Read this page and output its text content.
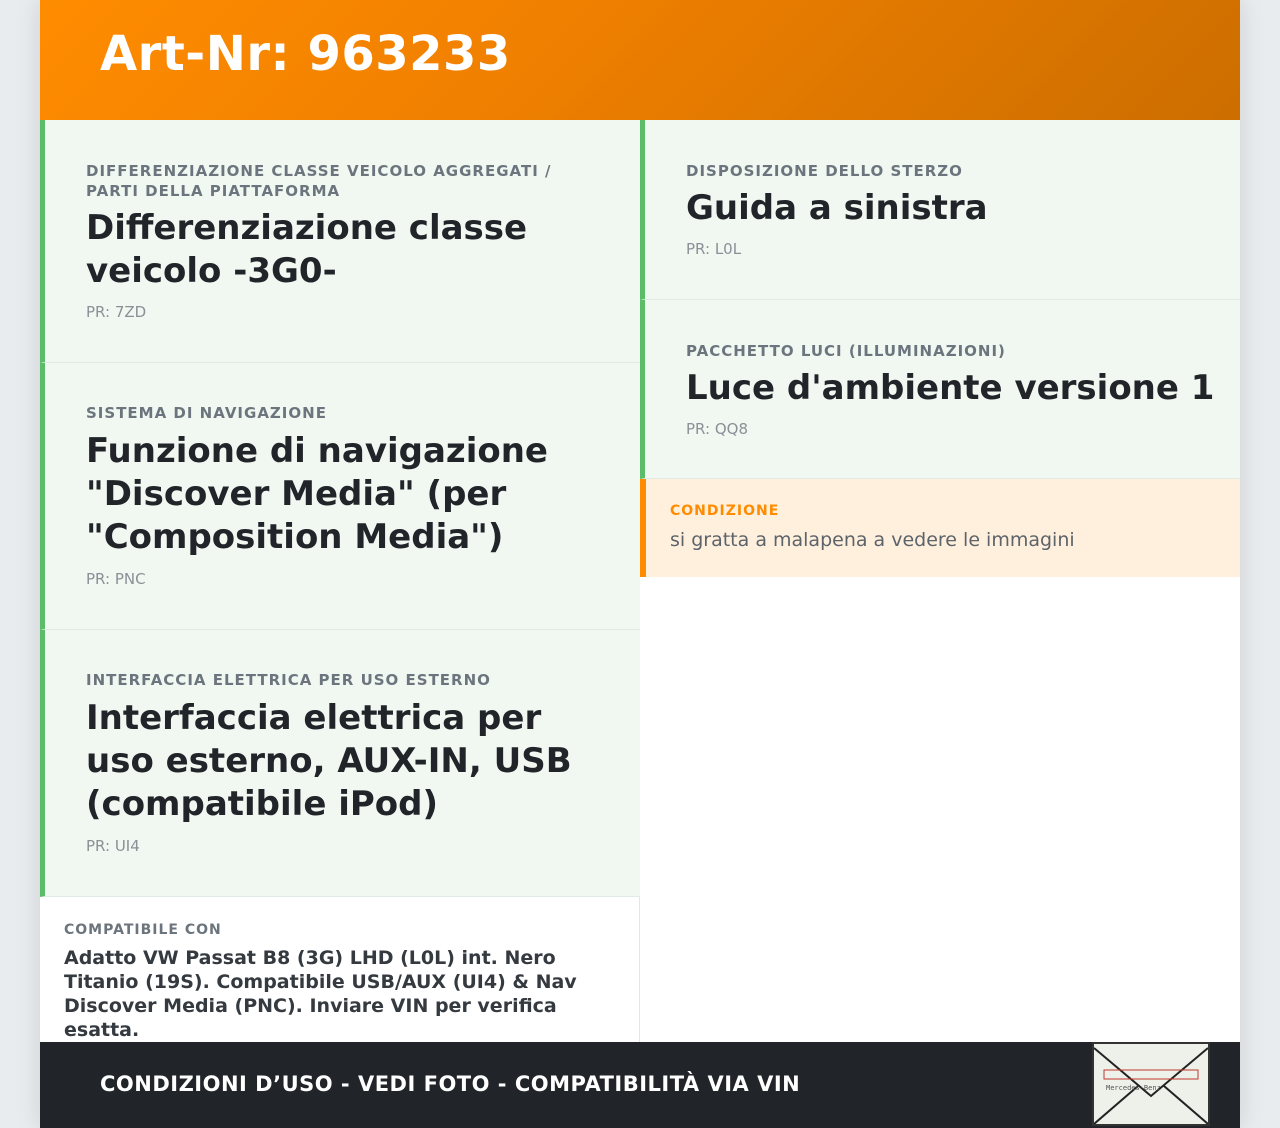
Art-Nr: 963233
DIFFERENZIAZIONE CLASSE VEICOLO AGGREGATI / PARTI DELLA PIATTAFORMA
Differenziazione classe veicolo -3G0-
PR: 7ZD
SISTEMA DI NAVIGAZIONE
Funzione di navigazione "Discover Media" (per "Composition Media")
PR: PNC
INTERFACCIA ELETTRICA PER USO ESTERNO
Interfaccia elettrica per uso esterno, AUX-IN, USB (compatibile iPod)
PR: UI4
COMPATIBILE CON
Adatto VW Passat B8 (3G) LHD (L0L) int. Nero Titanio (19S). Compatibile USB/AUX (UI4) & Nav Discover Media (PNC). Inviare VIN per verifica esatta.
DISPOSIZIONE DELLO STERZO
Guida a sinistra
PR: L0L
PACCHETTO LUCI (ILLUMINAZIONI)
Luce d'ambiente versione 1
PR: QQ8
CONDIZIONE
si gratta a malapena a vedere le immagini
CONDIZIONI D’USO - VEDI FOTO - COMPATIBILITÀ VIA VIN	Mercedes-Benz
